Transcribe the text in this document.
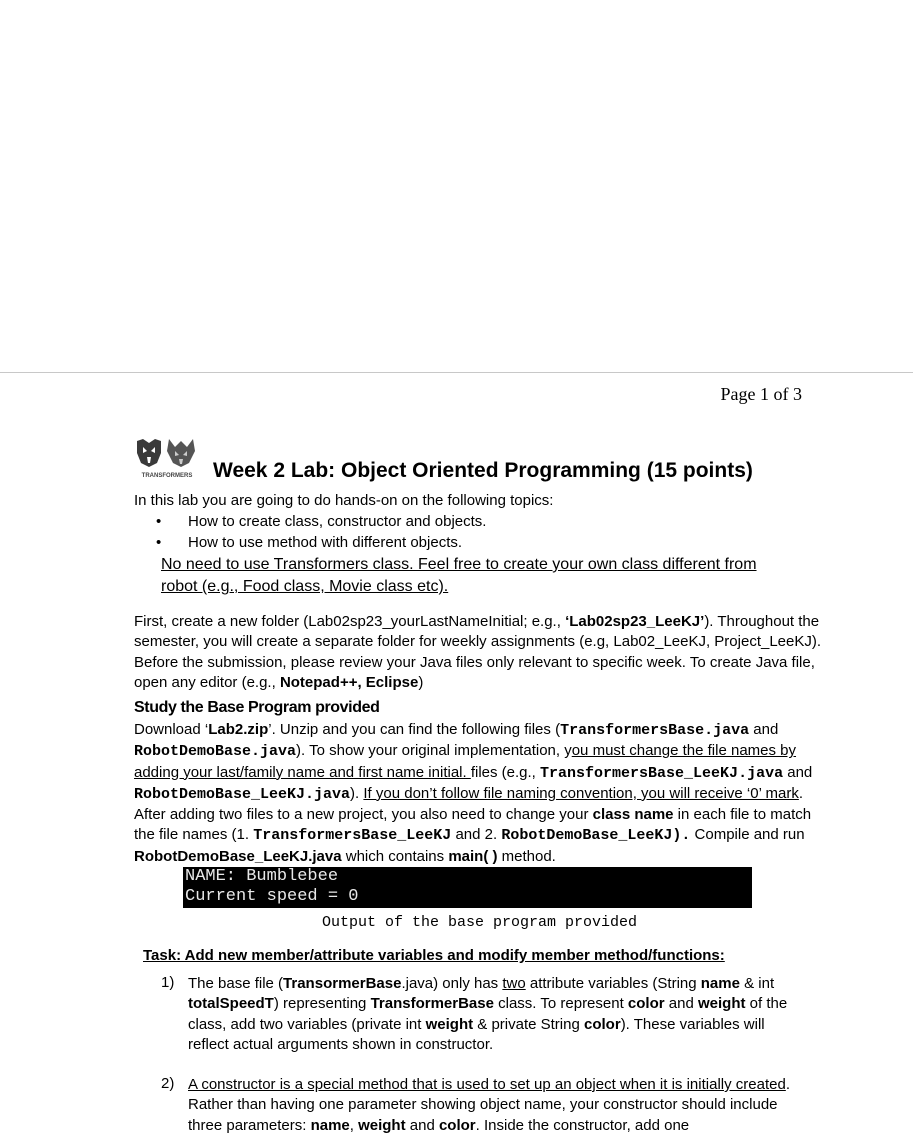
Page 1 of 3
TRANSFORMERS Week 2 Lab: Object Oriented Programming (15 points)
In this lab you are going to do hands-on on the following topics:
• How to create class, constructor and objects.
• How to use method with different objects.
No need to use Transformers class. Feel free to create your own class different from
robot (e.g., Food class, Movie class etc).
First, create a new folder (Lab02sp23_yourLastNameInitial; e.g., ‘Lab02sp23_LeeKJ’). Throughout the
semester, you will create a separate folder for weekly assignments (e.g, Lab02_LeeKJ, Project_LeeKJ).
Before the submission, please review your Java files only relevant to specific week. To create Java file,
open any editor (e.g., Notepad++, Eclipse)
Study the Base Program provided
Download ‘Lab2.zip’. Unzip and you can find the following files (TransformersBase.java and
RobotDemoBase.java). To show your original implementation, you must change the file names by
adding your last/family name and first name initial. files (e.g., TransformersBase_LeeKJ.java and
RobotDemoBase_LeeKJ.java). If you don’t follow file naming convention, you will receive ‘0’ mark.
After adding two files to a new project, you also need to change your class name in each file to match
the file names (1. TransformersBase_LeeKJ and 2. RobotDemoBase_LeeKJ). Compile and run
RobotDemoBase_LeeKJ.java which contains main( ) method.
NAME: Bumblebee
Current speed = 0
Output of the base program provided
Task: Add new member/attribute variables and modify member method/functions:
1) The base file (TransormerBase.java) only has two attribute variables (String name & int
totalSpeedT) representing TransformerBase class. To represent color and weight of the
class, add two variables (private int weight & private String color). These variables will
reflect actual arguments shown in constructor.
2) A constructor is a special method that is used to set up an object when it is initially created.
Rather than having one parameter showing object name, your constructor should include
three parameters: name, weight and color. Inside the constructor, add one
